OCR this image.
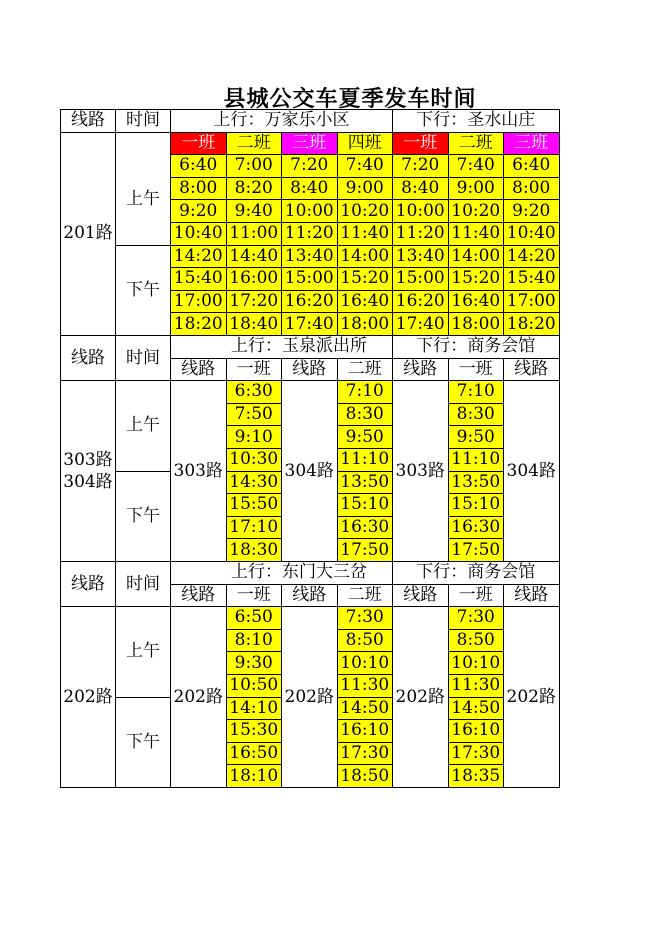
县城公交车夏季发车时间
线路	时间	上行：万家乐小区				下行：圣水山庄		
201路		一班	二班	三班	四班	一班	二班	三班
	上午	6:40	7:00	7:20	7:40	7:20	7:40	6:40
		8:00	8:20	8:40	9:00	8:40	9:00	8:00
		9:20	9:40	10:00	10:20	10:00	10:20	9:20
		10:40	11:00	11:20	11:40	11:20	11:40	10:40
	下午	14:20	14:40	13:40	14:00	13:40	14:00	14:20
		15:40	16:00	15:00	15:20	15:00	15:20	15:40
		17:00	17:20	16:20	16:40	16:20	16:40	17:00
		18:20	18:40	17:40	18:00	17:40	18:00	18:20
线路	时间	上行：玉泉派出所				下行：商务会馆		
		线路	一班	线路	二班	线路	一班	线路

303路
304路	上午	303路	6:30	304路	7:10	303路	7:10	304路
			7:50		8:30		8:30	
			9:10		9:50		9:50	
			10:30		11:10		11:10	
	下午		14:30		13:50		13:50	
			15:50		15:10		15:10	
			17:10		16:30		16:30	
			18:30		17:50		17:50	
线路	时间	上行：东门大三岔				下行：商务会馆		
		线路	一班	线路	二班	线路	一班	线路
202路	上午	202路	6:50	202路	7:30	202路	7:30	202路
			8:10		8:50		8:50	
			9:30		10:10		10:10	
			10:50		11:30		11:30	
	下午		14:10		14:50		14:50	
			15:30		16:10		16:10	
			16:50		17:30		17:30	
			18:10		18:50		18:35	
